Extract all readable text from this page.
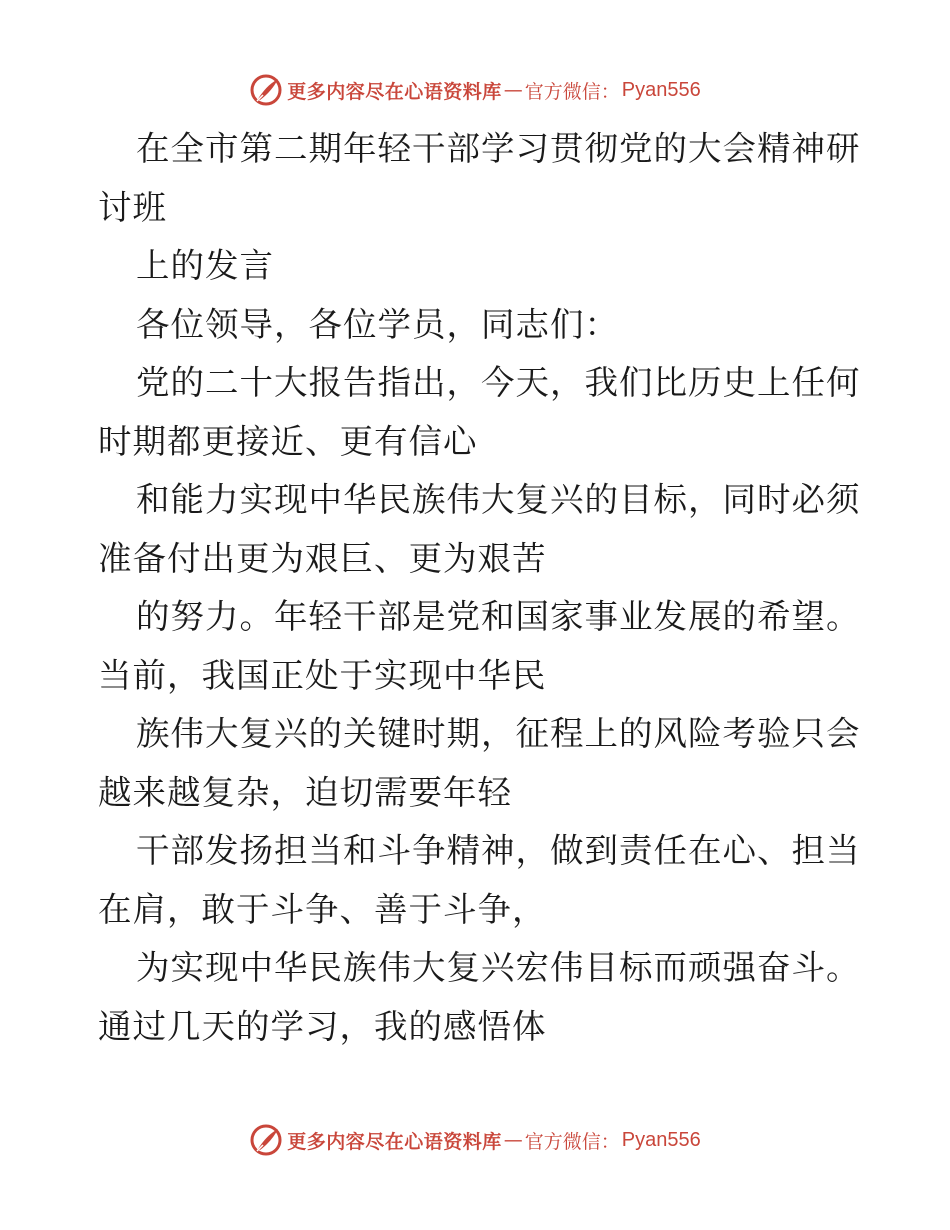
更多内容尽在心语资料库 — 官方微信： Pyan556
在全市第二期年轻干部学习贯彻党的大会精神研
讨班
上的发言
各位领导，各位学员，同志们：
党的二十大报告指出，今天，我们比历史上任何
时期都更接近、更有信心
和能力实现中华民族伟大复兴的目标，同时必须
准备付出更为艰巨、更为艰苦
的努力。年轻干部是党和国家事业发展的希望。
当前，我国正处于实现中华民
族伟大复兴的关键时期，征程上的风险考验只会
越来越复杂，迫切需要年轻
干部发扬担当和斗争精神，做到责任在心、担当
在肩，敢于斗争、善于斗争，
为实现中华民族伟大复兴宏伟目标而顽强奋斗。
通过几天的学习，我的感悟体
更多内容尽在心语资料库 — 官方微信： Pyan556
